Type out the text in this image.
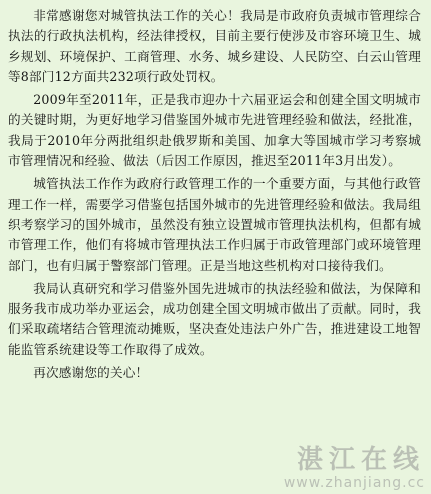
非常感谢您对城管执法工作的关心！我局是市政府负责城市管理综合执法的行政执法机构，经法律授权，目前主要行使涉及市容环境卫生、城乡规划、环境保护、工商管理、水务、城乡建设、人民防空、白云山管理等8部门12方面共232项行政处罚权。

2009年至2011年，正是我市迎办十六届亚运会和创建全国文明城市的关键时期，为更好地学习借鉴国外城市先进管理经验和做法，经批准，我局于2010年分两批组织赴俄罗斯和美国、加拿大等国城市学习考察城市管理情况和经验、做法（后因工作原因，推迟至2011年3月出发）。

城管执法工作作为政府行政管理工作的一个重要方面，与其他行政管理工作一样，需要学习借鉴包括国外城市的先进管理经验和做法。我局组织考察学习的国外城市，虽然没有独立设置城市管理执法机构，但都有城市管理工作，他们有将城市管理执法工作归属于市政管理部门或环境管理部门，也有归属于警察部门管理。正是当地这些机构对口接待我们。

我局认真研究和学习借鉴外国先进城市的执法经验和做法，为保障和服务我市成功举办亚运会，成功创建全国文明城市做出了贡献。同时，我们采取疏堵结合管理流动摊贩，坚决查处违法户外广告，推进建设工地智能监管系统建设等工作取得了成效。

再次感谢您的关心！

湛江在线
www.zhanjiang.cc
